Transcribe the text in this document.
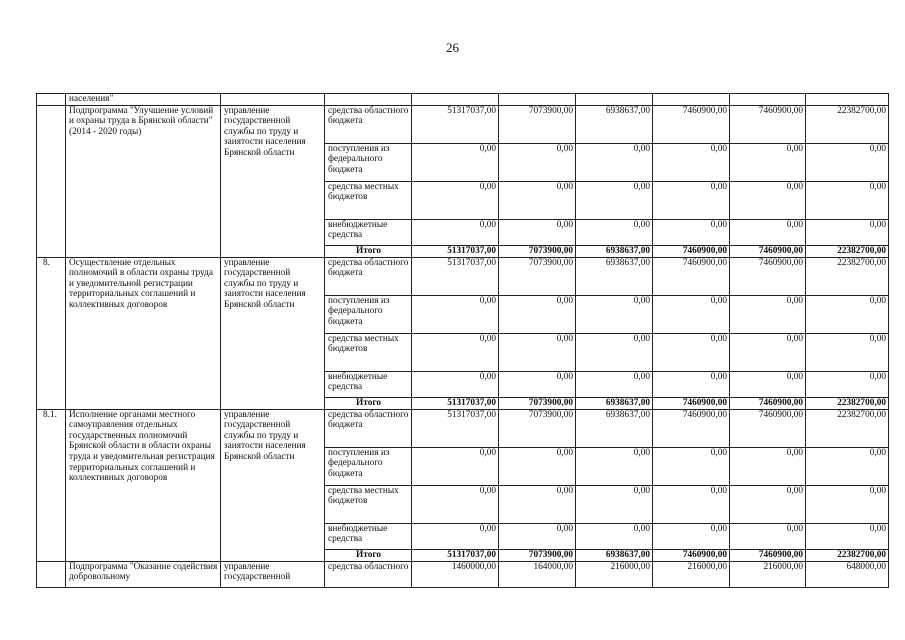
26
	населения"								
	Подпрограмма "Улучшение условий и охраны труда в Брянской области" (2014 - 2020 годы)	управление государственной службы по труду и занятости населения Брянской области	средства областного бюджета	51317037,00	7073900,00	6938637,00	7460900,00	7460900,00	22382700,00
			поступления из федерального бюджета	0,00	0,00	0,00	0,00	0,00	0,00
			средства местных бюджетов	0,00	0,00	0,00	0,00	0,00	0,00
			внебюджетные средства	0,00	0,00	0,00	0,00	0,00	0,00
			Итого	51317037,00	7073900,00	6938637,00	7460900,00	7460900,00	22382700,00
8.	Осуществление отдельных полномочий в области охраны труда и уведомительной регистрации территориальных соглашений и коллективных договоров	управление государственной службы по труду и занятости населения Брянской области	средства областного бюджета	51317037,00	7073900,00	6938637,00	7460900,00	7460900,00	22382700,00
			поступления из федерального бюджета	0,00	0,00	0,00	0,00	0,00	0,00
			средства местных бюджетов	0,00	0,00	0,00	0,00	0,00	0,00
			внебюджетные средства	0,00	0,00	0,00	0,00	0,00	0,00
			Итого	51317037,00	7073900,00	6938637,00	7460900,00	7460900,00	22382700,00
8.1.	Исполнение органами местного самоуправления отдельных государственных полномочий Брянской области в области охраны труда и уведомительная регистрация территориальных соглашений и коллективных договоров	управление государственной службы по труду и занятости населения Брянской области	средства областного бюджета	51317037,00	7073900,00	6938637,00	7460900,00	7460900,00	22382700,00
			поступления из федерального бюджета	0,00	0,00	0,00	0,00	0,00	0,00
			средства местных бюджетов	0,00	0,00	0,00	0,00	0,00	0,00
			внебюджетные средства	0,00	0,00	0,00	0,00	0,00	0,00
			Итого	51317037,00	7073900,00	6938637,00	7460900,00	7460900,00	22382700,00
	Подпрограмма "Оказание содействия добровольному	управление государственной	средства областного	1460000,00	164000,00	216000,00	216000,00	216000,00	648000,00
